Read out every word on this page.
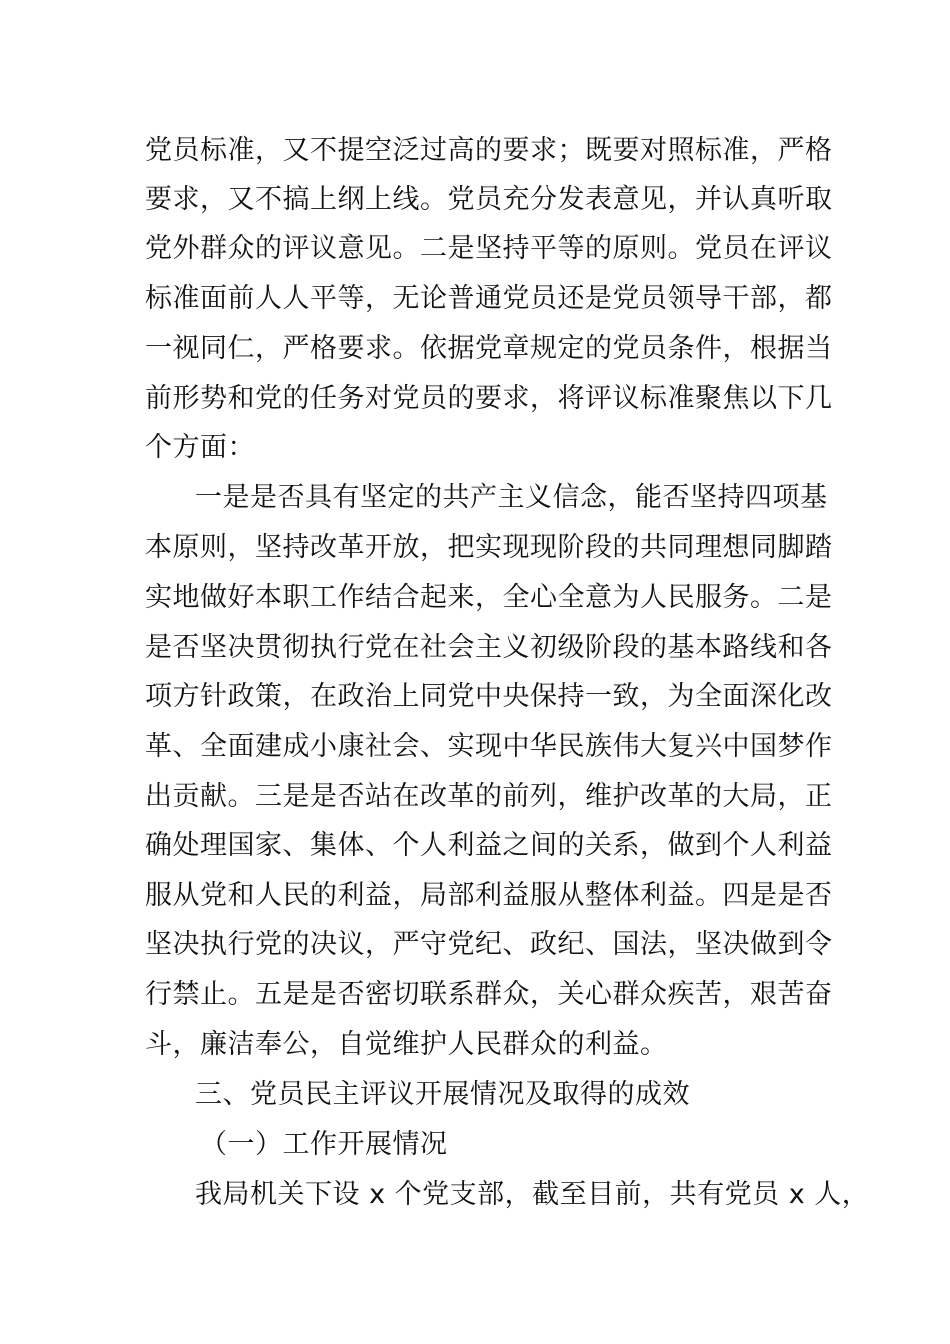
党员标准，又不提空泛过高的要求；既要对照标准，严格
要求，又不搞上纲上线。党员充分发表意见，并认真听取
党外群众的评议意见。二是坚持平等的原则。党员在评议
标准面前人人平等，无论普通党员还是党员领导干部，都
一视同仁，严格要求。依据党章规定的党员条件，根据当
前形势和党的任务对党员的要求，将评议标准聚焦以下几
个方面：
一是是否具有坚定的共产主义信念，能否坚持四项基
本原则，坚持改革开放，把实现现阶段的共同理想同脚踏
实地做好本职工作结合起来，全心全意为人民服务。二是
是否坚决贯彻执行党在社会主义初级阶段的基本路线和各
项方针政策，在政治上同党中央保持一致，为全面深化改
革、全面建成小康社会、实现中华民族伟大复兴中国梦作
出贡献。三是是否站在改革的前列，维护改革的大局，正
确处理国家、集体、个人利益之间的关系，做到个人利益
服从党和人民的利益，局部利益服从整体利益。四是是否
坚决执行党的决议，严守党纪、政纪、国法，坚决做到令
行禁止。五是是否密切联系群众，关心群众疾苦，艰苦奋
斗，廉洁奉公，自觉维护人民群众的利益。
三、党员民主评议开展情况及取得的成效
（一）工作开展情况
我局机关下设 x 个党支部，截至目前，共有党员 x 人，
